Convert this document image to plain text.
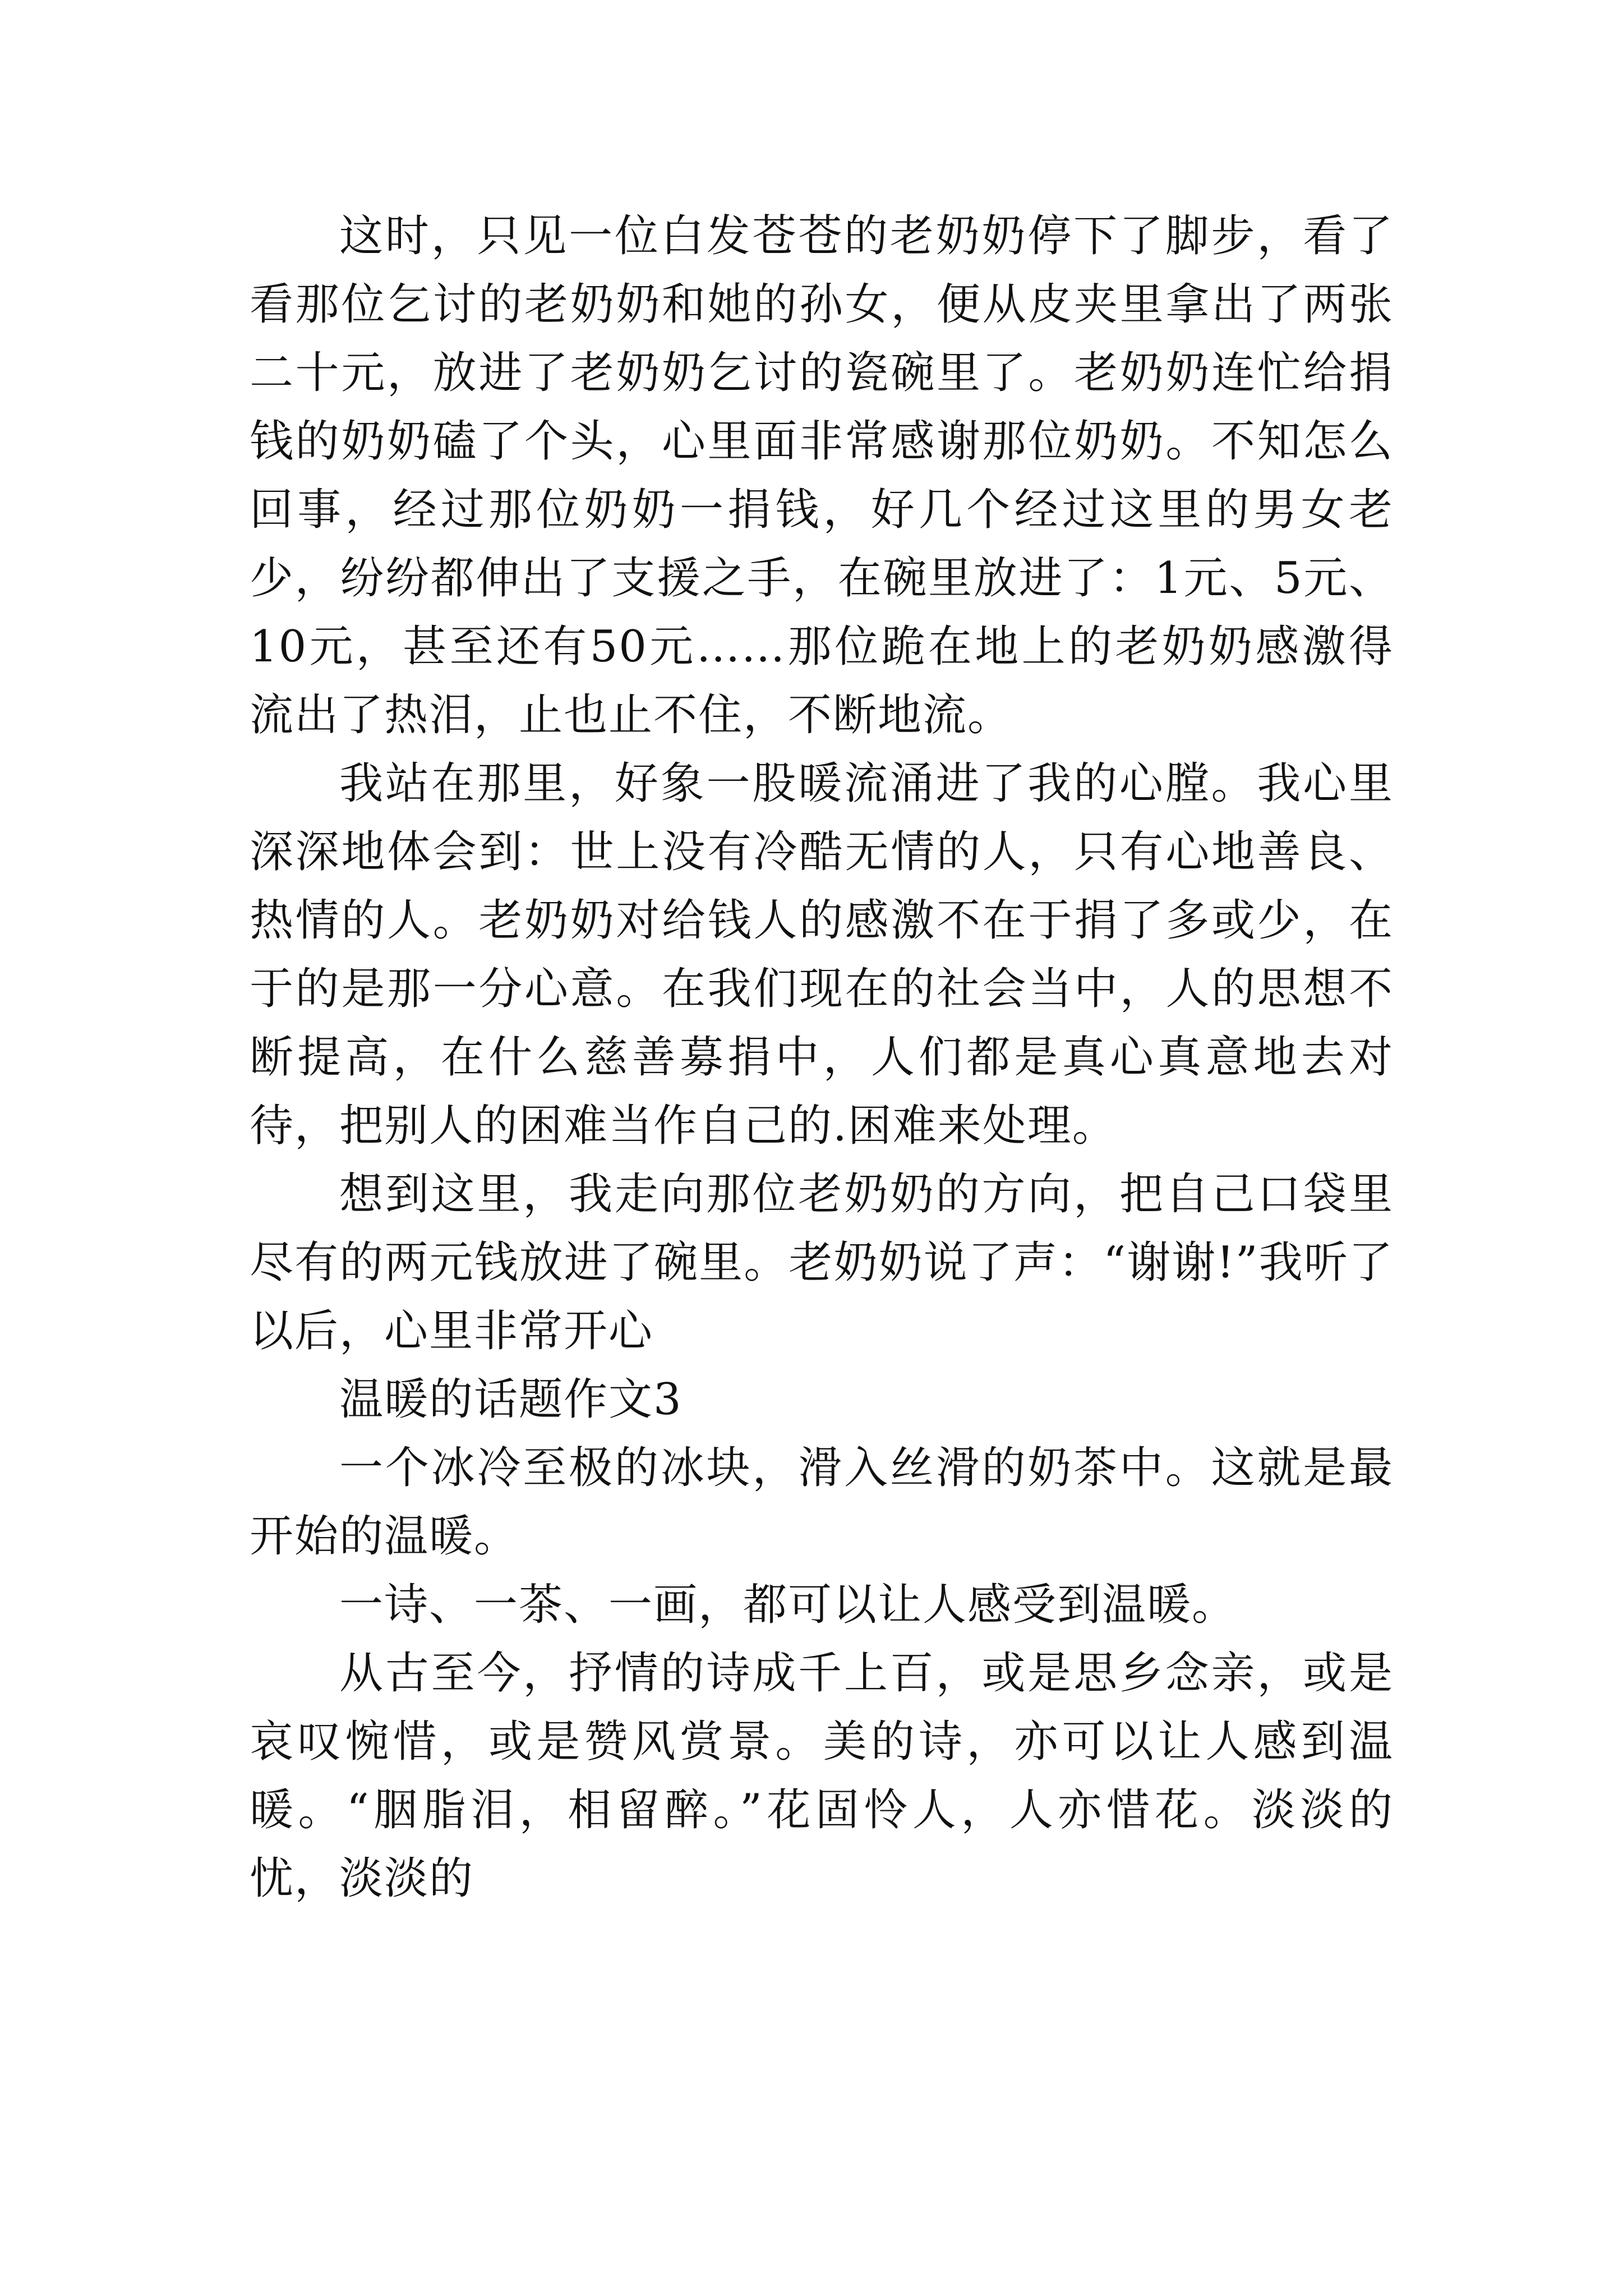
这时，只见一位白发苍苍的老奶奶停下了脚步，看了看那位乞讨的老奶奶和她的孙女，便从皮夹里拿出了两张二十元，放进了老奶奶乞讨的瓷碗里了。老奶奶连忙给捐钱的奶奶磕了个头，心里面非常感谢那位奶奶。不知怎么回事，经过那位奶奶一捐钱，好几个经过这里的男女老少，纷纷都伸出了支援之手，在碗里放进了：1元、5元、10元，甚至还有50元……那位跪在地上的老奶奶感激得流出了热泪，止也止不住，不断地流。

我站在那里，好象一股暖流涌进了我的心膛。我心里深深地体会到：世上没有冷酷无情的人，只有心地善良、热情的人。老奶奶对给钱人的感激不在于捐了多或少，在于的是那一分心意。在我们现在的社会当中，人的思想不断提高，在什么慈善募捐中，人们都是真心真意地去对待，把别人的困难当作自己的.困难来处理。

想到这里，我走向那位老奶奶的方向，把自己口袋里尽有的两元钱放进了碗里。老奶奶说了声：“谢谢!”我听了以后，心里非常开心

温暖的话题作文3

一个冰冷至极的冰块，滑入丝滑的奶茶中。这就是最开始的温暖。

一诗、一茶、一画，都可以让人感受到温暖。

从古至今，抒情的诗成千上百，或是思乡念亲，或是哀叹惋惜，或是赞风赏景。美的诗，亦可以让人感到温暖。“胭脂泪，相留醉。”花固怜人，人亦惜花。淡淡的忧，淡淡的
